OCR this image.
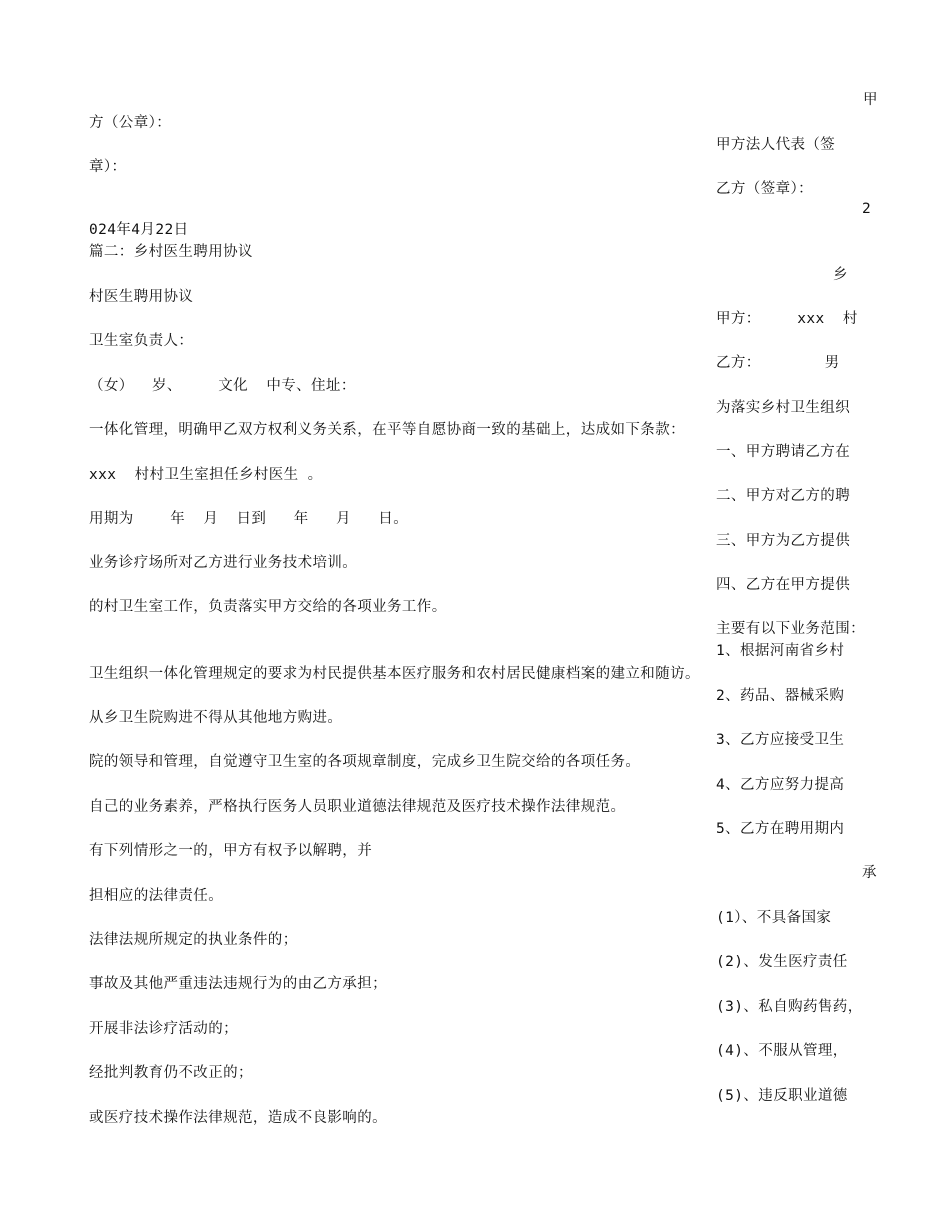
甲

方（公章）：

甲方法人代表（签

章）：

乙方（签章）：

2

024年4月22日

篇二：乡村医生聘用协议

乡

村医生聘用协议

甲方：    xxx  村

卫生室负责人：

乙方：       男

（女）  岁、    文化  中专、住址：

为落实乡村卫生组织

一体化管理，明确甲乙双方权利义务关系，在平等自愿协商一致的基础上，达成如下条款：

一、甲方聘请乙方在

xxx  村村卫生室担任乡村医生 。

二、甲方对乙方的聘

用期为    年  月  日到   年   月   日。

三、甲方为乙方提供

业务诊疗场所对乙方进行业务技术培训。

四、乙方在甲方提供

的村卫生室工作，负责落实甲方交给的各项业务工作。

主要有以下业务范围：

1、根据河南省乡村

卫生组织一体化管理规定的要求为村民提供基本医疗服务和农村居民健康档案的建立和随访。

2、药品、器械采购

从乡卫生院购进不得从其他地方购进。

3、乙方应接受卫生

院的领导和管理，自觉遵守卫生室的各项规章制度，完成乡卫生院交给的各项任务。

4、乙方应努力提高

自己的业务素养，严格执行医务人员职业道德法律规范及医疗技术操作法律规范。

5、乙方在聘用期内

有下列情形之一的，甲方有权予以解聘，并

承

担相应的法律责任。

(1）、不具备国家

法律法规所规定的执业条件的；

(2)、发生医疗责任

事故及其他严重违法违规行为的由乙方承担；

(3)、私自购药售药，

开展非法诊疗活动的；

(4)、不服从管理，

经批判教育仍不改正的；

(5)、违反职业道德

或医疗技术操作法律规范，造成不良影响的。
